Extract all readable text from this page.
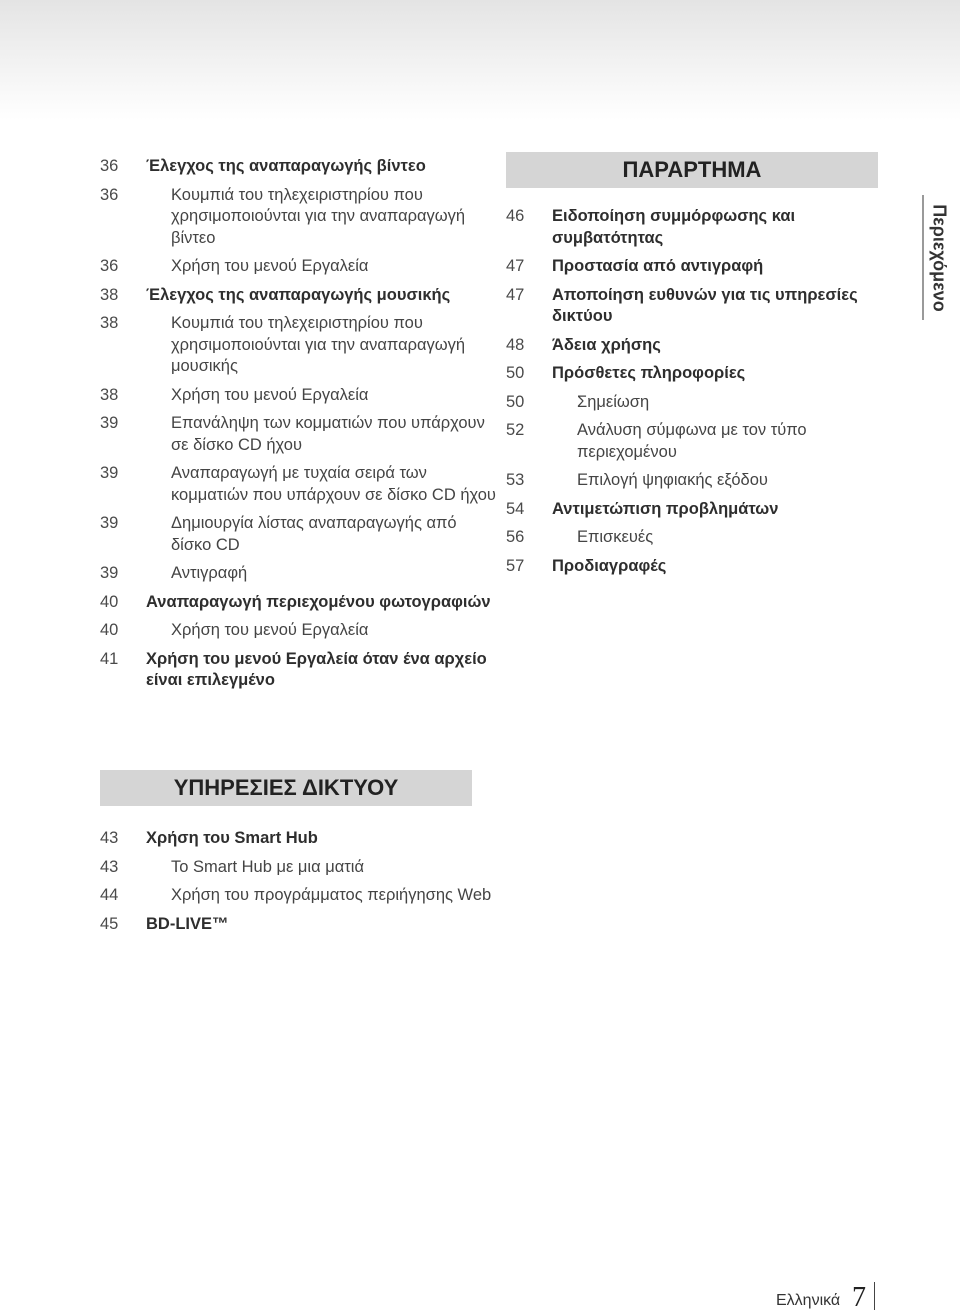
36 Έλεγχος της αναπαραγωγής βίντεο
36	Κουμπιά του τηλεχειριστηρίου που χρησιμοποιούνται για την αναπαραγωγή βίντεο
36	Χρήση του μενού Εργαλεία
38 Έλεγχος της αναπαραγωγής μουσικής
38	Κουμπιά του τηλεχειριστηρίου που χρησιμοποιούνται για την αναπαραγωγή μουσικής
38	Χρήση του μενού Εργαλεία
39	Επανάληψη των κομματιών που υπάρχουν σε δίσκο CD ήχου
39	Αναπαραγωγή με τυχαία σειρά των κομματιών που υπάρχουν σε δίσκο CD ήχου
39	Δημιουργία λίστας αναπαραγωγής από δίσκο CD
39	Αντιγραφή
40 Αναπαραγωγή περιεχομένου φωτογραφιών
40	Χρήση του μενού Εργαλεία
41 Χρήση του μενού Εργαλεία όταν ένα αρχείο είναι επιλεγμένο
ΠΑΡΑΡΤΗΜΑ
46 Ειδοποίηση συμμόρφωσης και συμβατότητας
47 Προστασία από αντιγραφή
47 Αποποίηση ευθυνών για τις υπηρεσίες δικτύου
48 Άδεια χρήσης
50 Πρόσθετες πληροφορίες
50	Σημείωση
52	Ανάλυση σύμφωνα με τον τύπο περιεχομένου
53	Επιλογή ψηφιακής εξόδου
54 Αντιμετώπιση προβλημάτων
56	Επισκευές
57 Προδιαγραφές
ΥΠΗΡΕΣΙΕΣ ΔΙΚΤΥΟΥ
43 Χρήση του Smart Hub
43	Το Smart Hub με μια ματιά
44	Χρήση του προγράμματος περιήγησης Web
45 BD-LIVE™
Περιεχόμενο
Ελληνικά 7
